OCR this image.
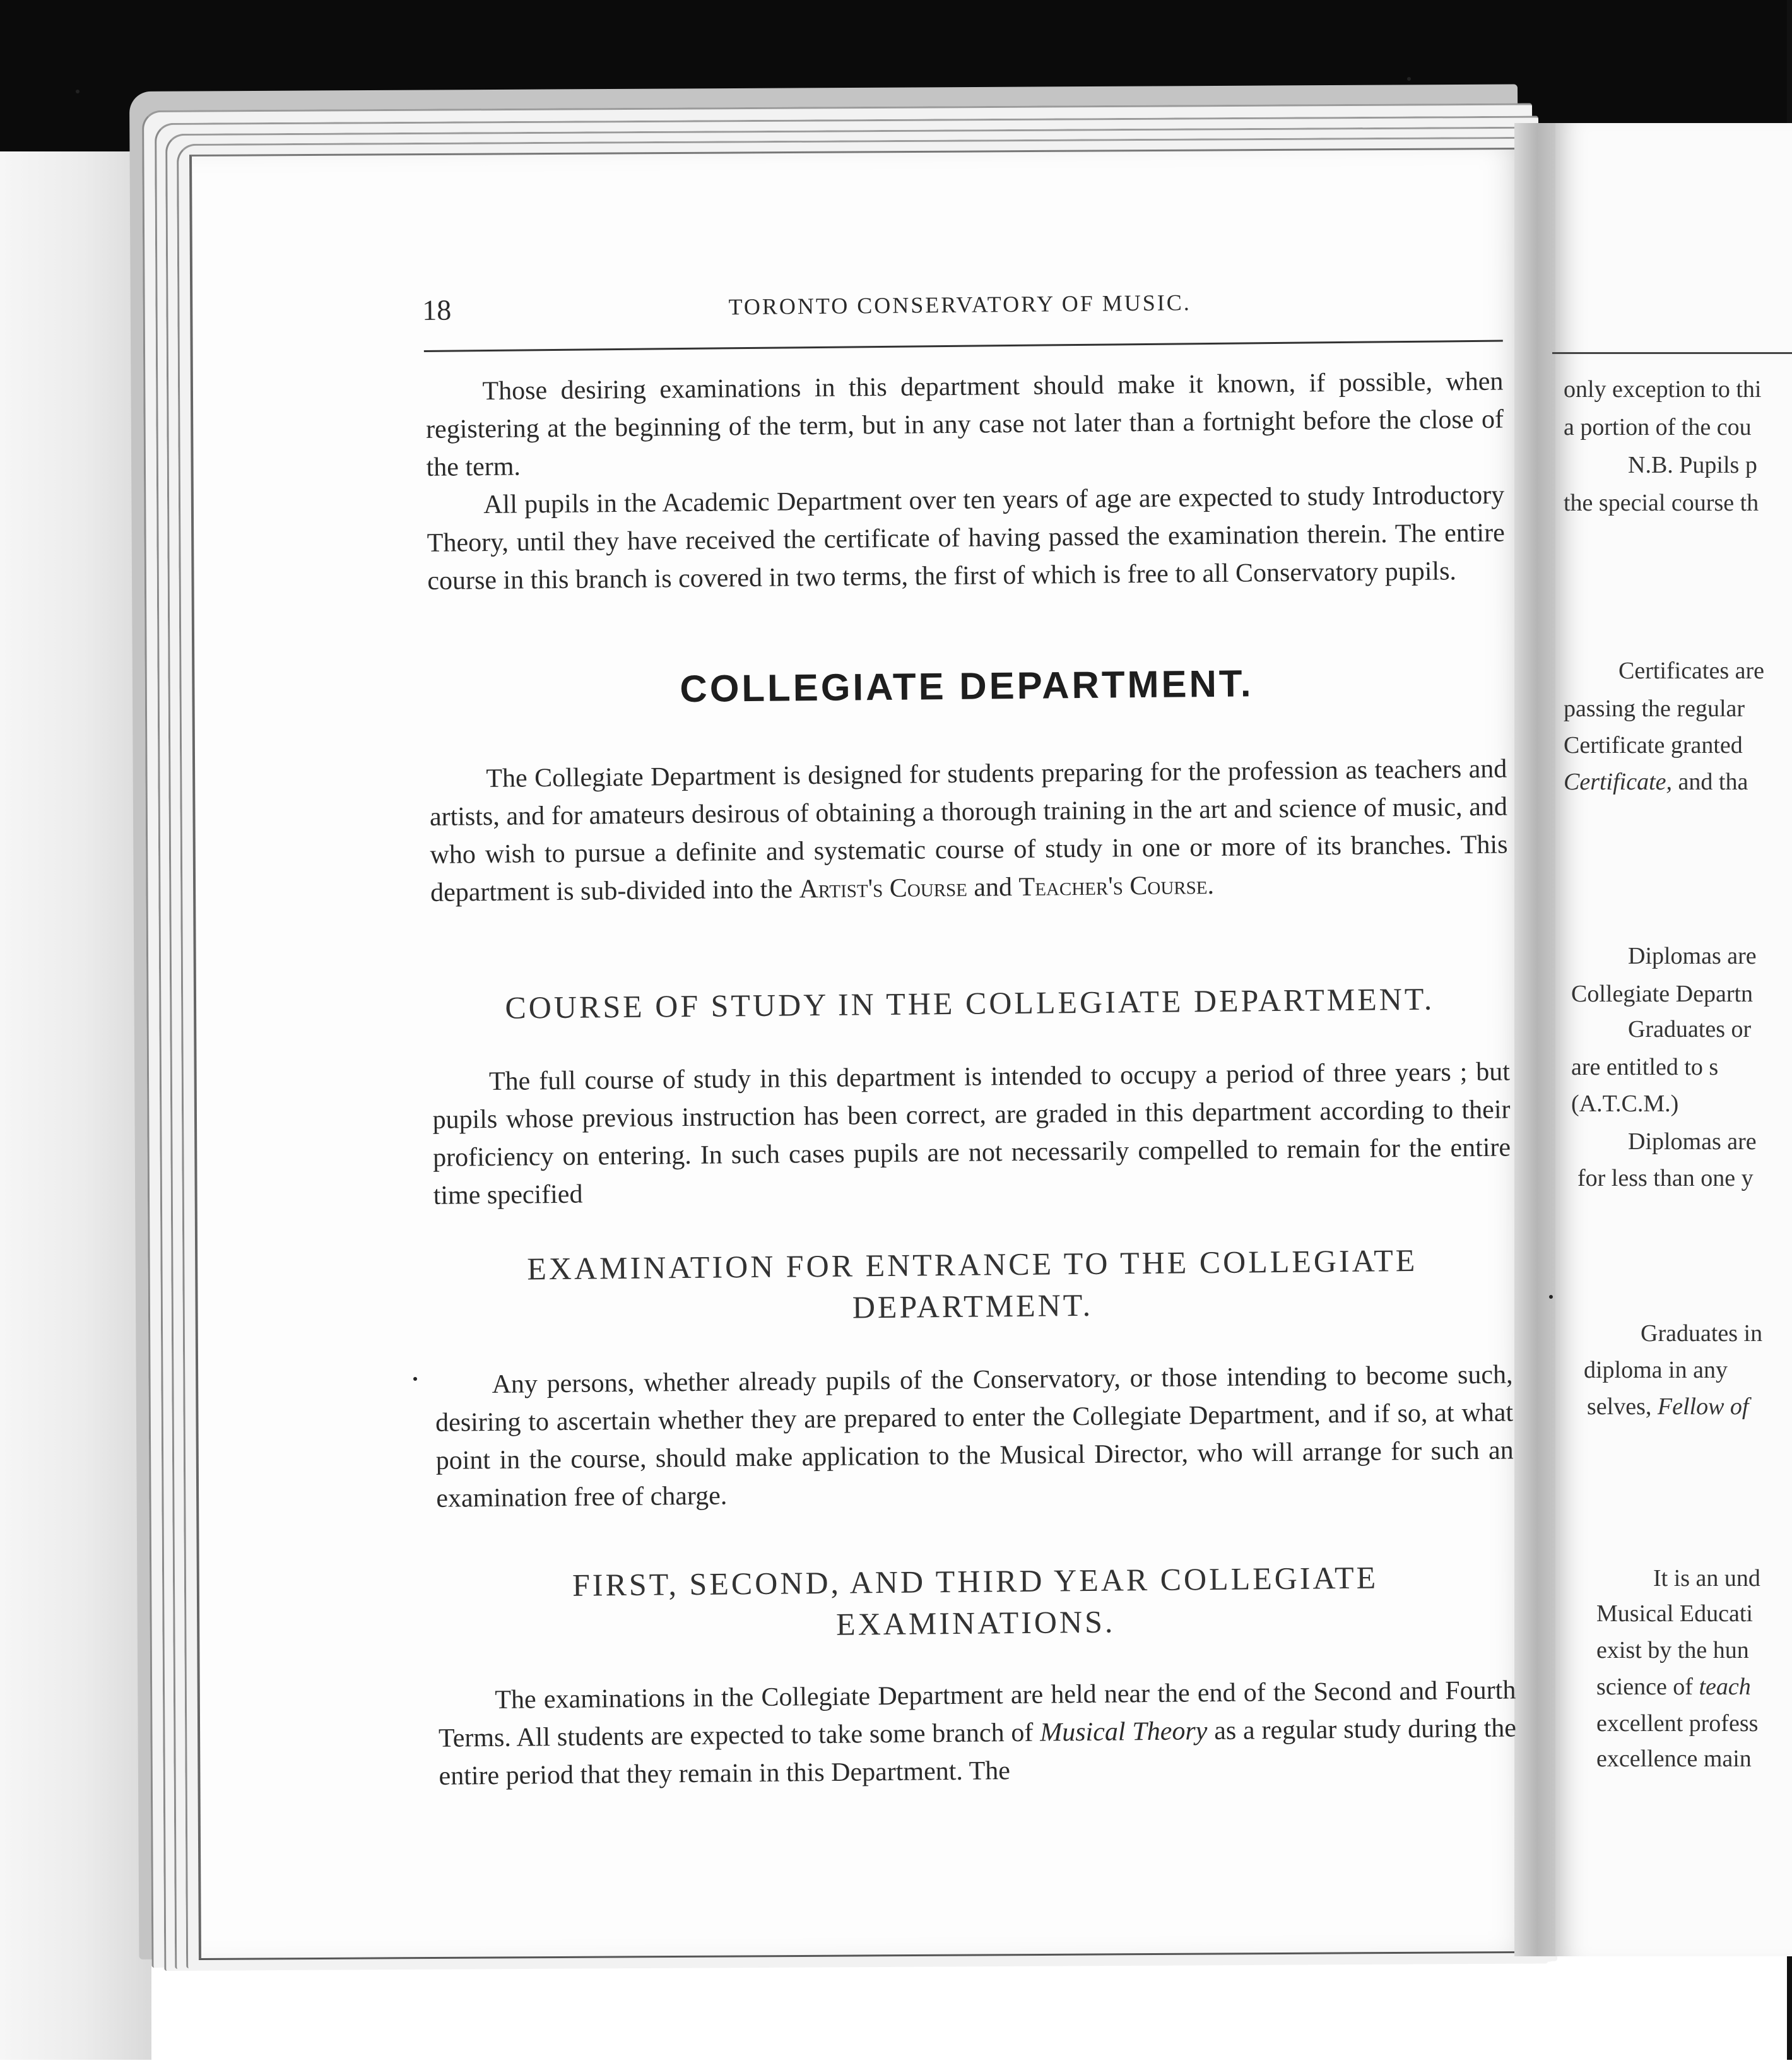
18	TORONTO CONSERVATORY OF MUSIC.

Those desiring examinations in this department should make it known, if possible, when registering at the beginning of the term, but in any case not later than a fortnight before the close of the term.

All pupils in the Academic Department over ten years of age are expected to study Introductory Theory, until they have received the certificate of having passed the examination therein. The entire course in this branch is covered in two terms, the first of which is free to all Conservatory pupils.

COLLEGIATE DEPARTMENT.

The Collegiate Department is designed for students preparing for the profession as teachers and artists, and for amateurs desirous of obtaining a thorough training in the art and science of music, and who wish to pursue a definite and systematic course of study in one or more of its branches. This department is sub-divided into the Artist's Course and Teacher's Course.

COURSE OF STUDY IN THE COLLEGIATE DEPARTMENT.

The full course of study in this department is intended to occupy a period of three years ; but pupils whose previous instruction has been correct, are graded in this department according to their proficiency on entering. In such cases pupils are not necessarily compelled to remain for the entire time specified

EXAMINATION FOR ENTRANCE TO THE COLLEGIATE
DEPARTMENT.

Any persons, whether already pupils of the Conservatory, or those intending to become such, desiring to ascertain whether they are prepared to enter the Collegiate Department, and if so, at what point in the course, should make application to the Musical Director, who will arrange for such an examination free of charge.

FIRST, SECOND, AND THIRD YEAR COLLEGIATE
EXAMINATIONS.

The examinations in the Collegiate Department are held near the end of the Second and Fourth Terms. All students are expected to take some branch of Musical Theory as a regular study during the entire period that they remain in this Department. The

only exception to thi
a portion of the cou
N.B. Pupils p
the special course th
Certificates are
passing the regular
Certificate granted
Certificate, and tha
Diplomas are
Collegiate Departn
Graduates or
are entitled to s
(A.T.C.M.)
Diplomas are
for less than one y
Graduates in
diploma in any
selves, Fellow of
It is an und
Musical Educati
exist by the hun
science of teach
excellent profess
excellence main
